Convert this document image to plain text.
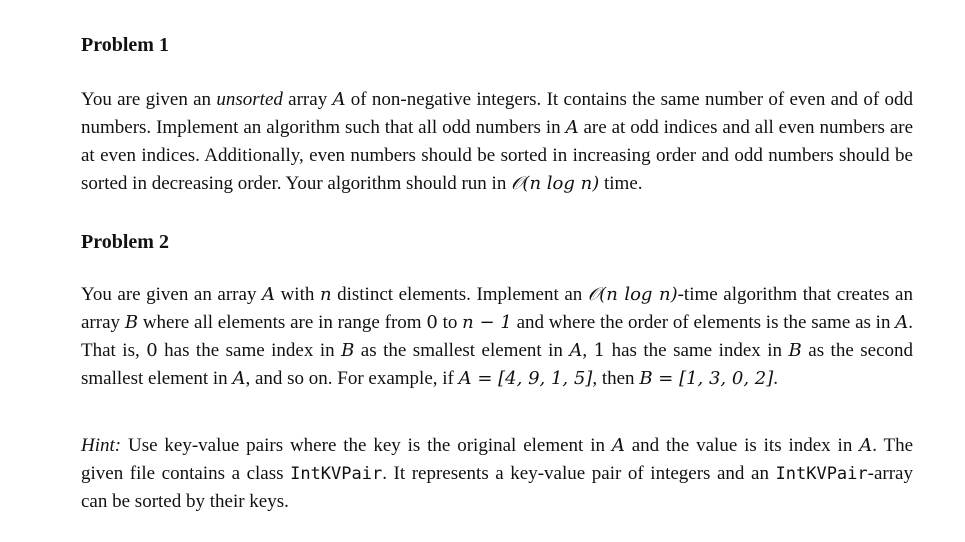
Problem 1

You are given an unsorted array A of non-negative integers. It contains the same number of even and of odd numbers. Implement an algorithm such that all odd numbers in A are at odd indices and all even numbers are at even indices. Additionally, even numbers should be sorted in increasing order and odd numbers should be sorted in decreasing order. Your algorithm should run in 𝒪(n log n) time.

Problem 2

You are given an array A with n distinct elements. Implement an 𝒪(n log n)-time algorithm that creates an array B where all elements are in range from 0 to n − 1 and where the order of elements is the same as in A. That is, 0 has the same index in B as the smallest element in A, 1 has the same index in B as the second smallest element in A, and so on. For example, if A = [4, 9, 1, 5], then B = [1, 3, 0, 2].

Hint: Use key-value pairs where the key is the original element in A and the value is its index in A. The given file contains a class IntKVPair. It represents a key-value pair of integers and an IntKVPair-array can be sorted by their keys.
